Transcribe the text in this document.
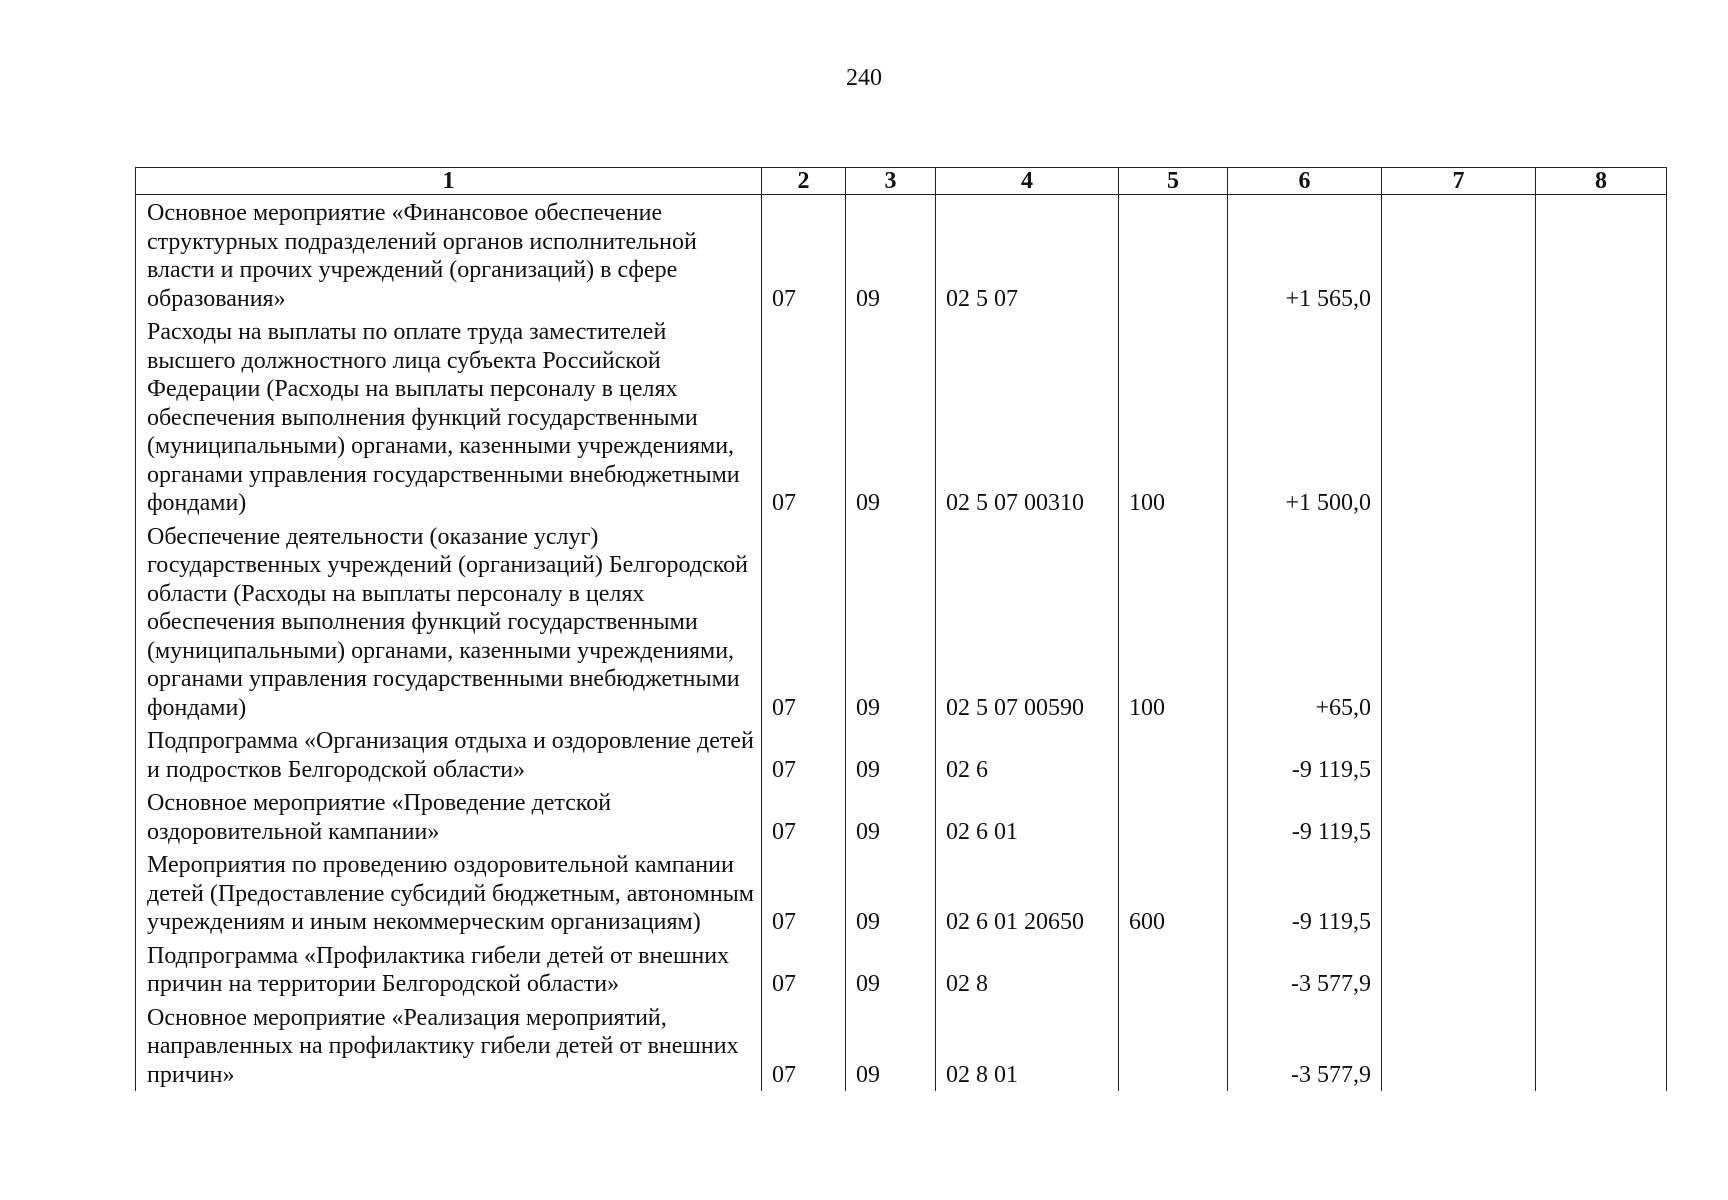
240
1	2	3	4	5	6	7	8
Основное мероприятие «Финансовое обеспечение структурных подразделений органов исполнительной власти и прочих учреждений (организаций) в сфере образования»	07	09	02 5 07		+1 565,0		
Расходы на выплаты по оплате труда заместителей высшего должностного лица субъекта Российской Федерации (Расходы на выплаты персоналу в целях обеспечения выполнения функций государственными (муниципальными) органами, казенными учреждениями, органами управления государственными внебюджетными фондами)	07	09	02 5 07 00310	100	+1 500,0		
Обеспечение деятельности (оказание услуг) государственных учреждений (организаций) Белгородской области (Расходы на выплаты персоналу в целях обеспечения выполнения функций государственными (муниципальными) органами, казенными учреждениями, органами управления государственными внебюджетными фондами)	07	09	02 5 07 00590	100	+65,0		
Подпрограмма «Организация отдыха и оздоровление детей и подростков Белгородской области»	07	09	02 6		-9 119,5		
Основное мероприятие «Проведение детской оздоровительной кампании»	07	09	02 6 01		-9 119,5		
Мероприятия по проведению оздоровительной кампании детей (Предоставление субсидий бюджетным, автономным учреждениям и иным некоммерческим организациям)	07	09	02 6 01 20650	600	-9 119,5		
Подпрограмма «Профилактика гибели детей от внешних причин на территории Белгородской области»	07	09	02 8		-3 577,9		
Основное мероприятие «Реализация мероприятий, направленных на профилактику гибели детей от внешних причин»	07	09	02 8 01		-3 577,9		
